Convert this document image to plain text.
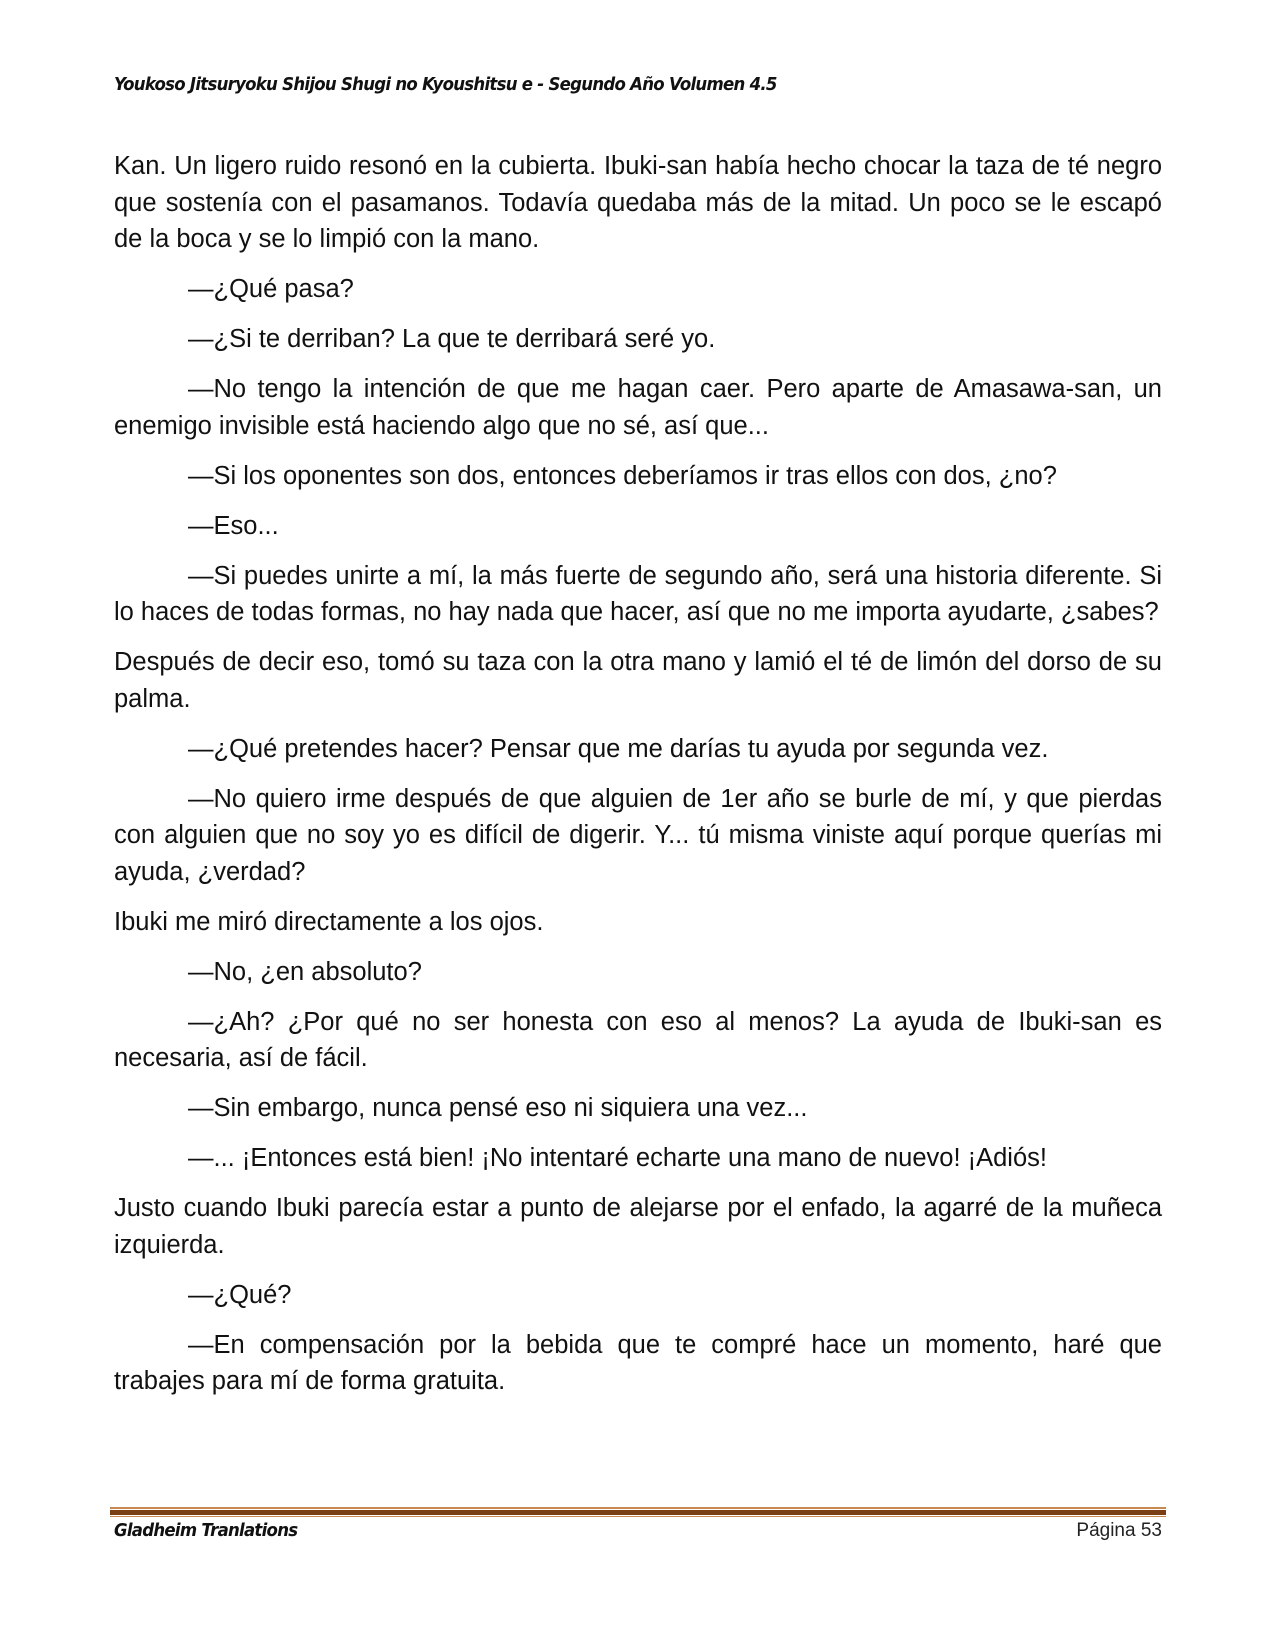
Youkoso Jitsuryoku Shijou Shugi no Kyoushitsu e - Segundo Año Volumen 4.5

Kan. Un ligero ruido resonó en la cubierta. Ibuki-san había hecho chocar la taza de té negro que sostenía con el pasamanos. Todavía quedaba más de la mitad. Un poco se le escapó de la boca y se lo limpió con la mano.

—¿Qué pasa?

—¿Si te derriban? La que te derribará seré yo.

—No tengo la intención de que me hagan caer. Pero aparte de Amasawa-san, un enemigo invisible está haciendo algo que no sé, así que...

—Si los oponentes son dos, entonces deberíamos ir tras ellos con dos, ¿no?

—Eso...

—Si puedes unirte a mí, la más fuerte de segundo año, será una historia diferente. Si lo haces de todas formas, no hay nada que hacer, así que no me importa ayudarte, ¿sabes?

Después de decir eso, tomó su taza con la otra mano y lamió el té de limón del dorso de su palma.

—¿Qué pretendes hacer? Pensar que me darías tu ayuda por segunda vez.

—No quiero irme después de que alguien de 1er año se burle de mí, y que pierdas con alguien que no soy yo es difícil de digerir. Y... tú misma viniste aquí porque querías mi ayuda, ¿verdad?

Ibuki me miró directamente a los ojos.

—No, ¿en absoluto?

—¿Ah? ¿Por qué no ser honesta con eso al menos? La ayuda de Ibuki-san es necesaria, así de fácil.

—Sin embargo, nunca pensé eso ni siquiera una vez...

—... ¡Entonces está bien! ¡No intentaré echarte una mano de nuevo! ¡Adiós!

Justo cuando Ibuki parecía estar a punto de alejarse por el enfado, la agarré de la muñeca izquierda.

—¿Qué?

—En compensación por la bebida que te compré hace un momento, haré que trabajes para mí de forma gratuita.

Gladheim Tranlations	Página 53
